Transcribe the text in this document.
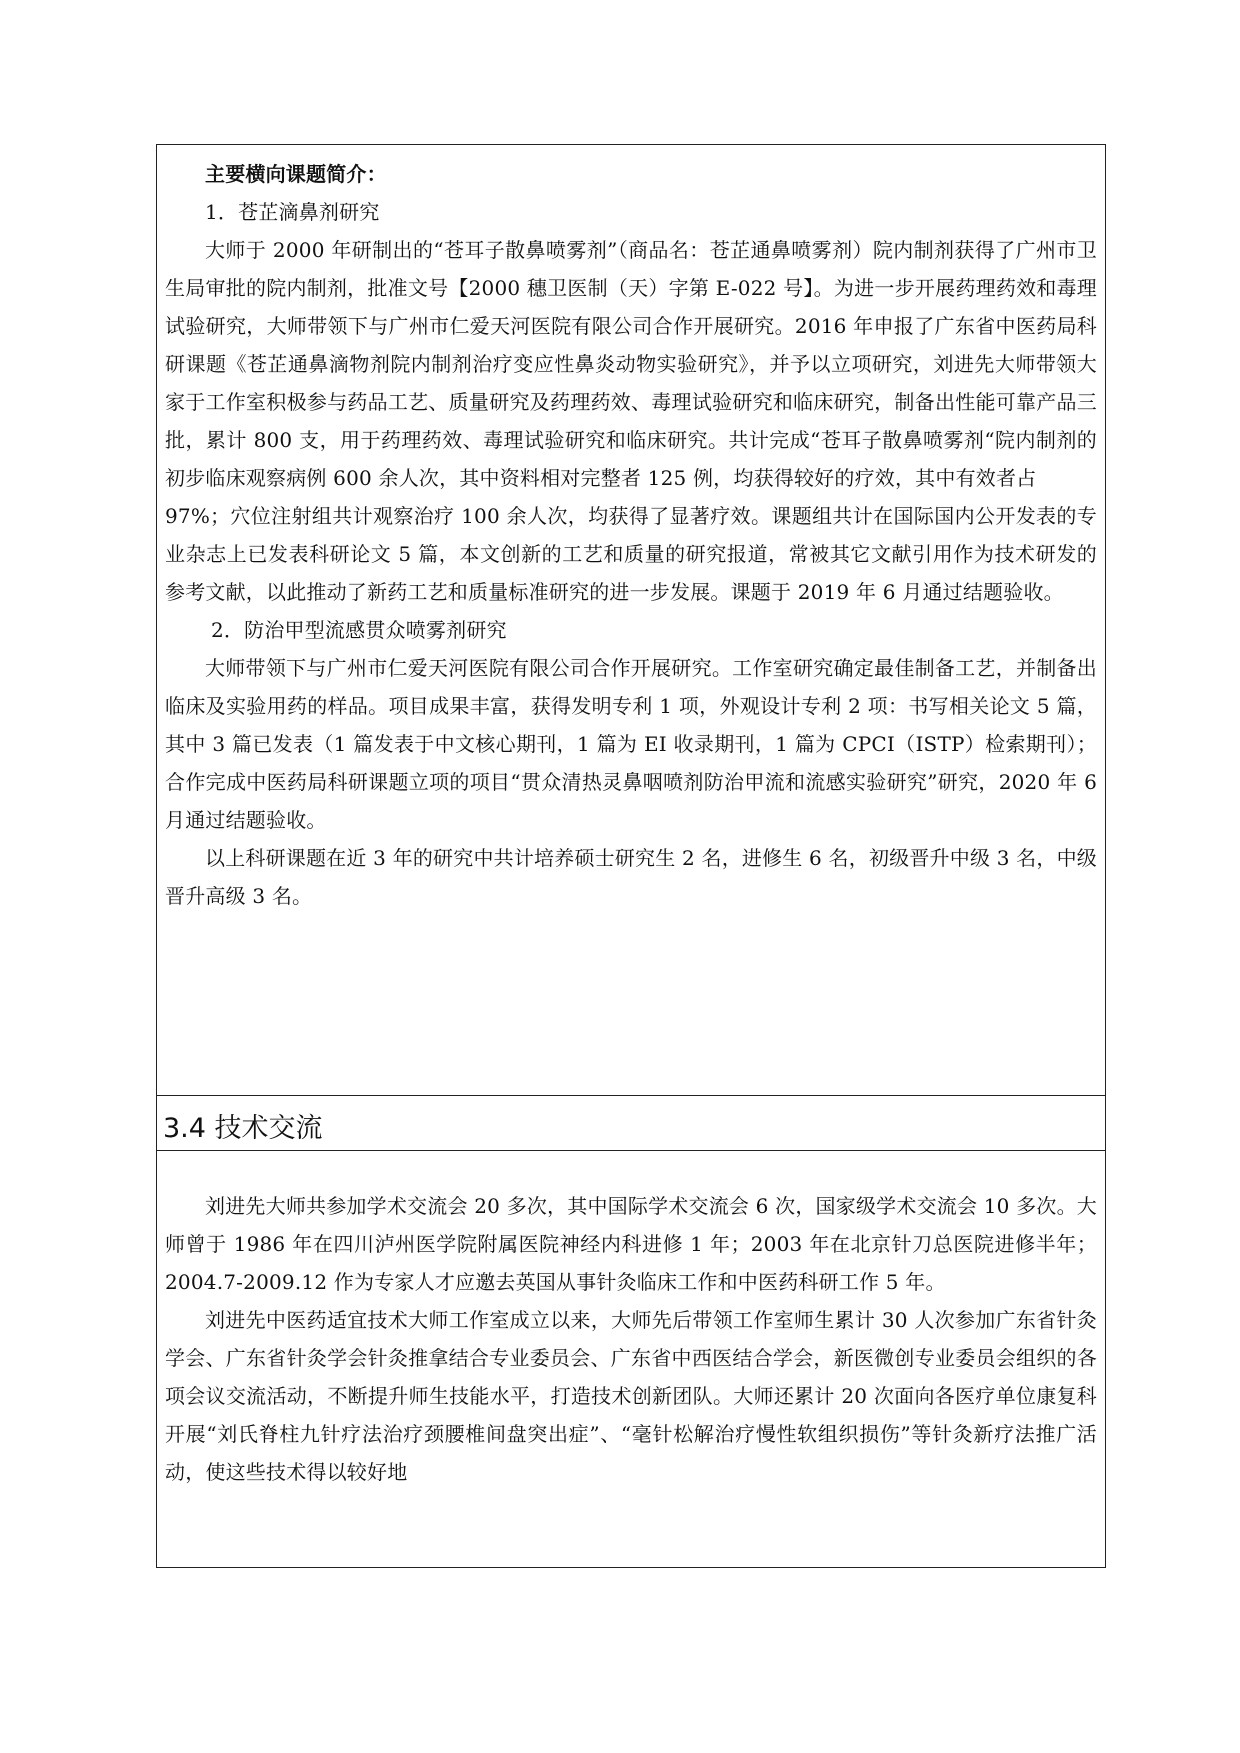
主要横向课题简介：

1．苍芷滴鼻剂研究

大师于 2000 年研制出的“苍耳子散鼻喷雾剂”（商品名：苍芷通鼻喷雾剂）院内制剂获得了广州市卫生局审批的院内制剂，批准文号【2000 穗卫医制（天）字第 E-022 号】。为进一步开展药理药效和毒理试验研究，大师带领下与广州市仁爱天河医院有限公司合作开展研究。2016 年申报了广东省中医药局科研课题《苍芷通鼻滴物剂院内制剂治疗变应性鼻炎动物实验研究》，并予以立项研究，刘进先大师带领大家于工作室积极参与药品工艺、质量研究及药理药效、毒理试验研究和临床研究，制备出性能可靠产品三批，累计 800 支，用于药理药效、毒理试验研究和临床研究。共计完成“苍耳子散鼻喷雾剂“院内制剂的初步临床观察病例 600 余人次，其中资料相对完整者 125 例，均获得较好的疗效，其中有效者占

97%；穴位注射组共计观察治疗 100 余人次，均获得了显著疗效。课题组共计在国际国内公开发表的专业杂志上已发表科研论文 5 篇，本文创新的工艺和质量的研究报道，常被其它文献引用作为技术研发的参考文献，以此推动了新药工艺和质量标准研究的进一步发展。课题于 2019 年 6 月通过结题验收。

2．防治甲型流感贯众喷雾剂研究

大师带领下与广州市仁爱天河医院有限公司合作开展研究。工作室研究确定最佳制备工艺，并制备出临床及实验用药的样品。项目成果丰富，获得发明专利 1 项，外观设计专利 2 项：书写相关论文 5 篇，其中 3 篇已发表（1 篇发表于中文核心期刊，1 篇为 EI 收录期刊，1 篇为 CPCI（ISTP）检索期刊）；合作完成中医药局科研课题立项的项目“贯众清热灵鼻咽喷剂防治甲流和流感实验研究”研究，2020 年 6 月通过结题验收。

以上科研课题在近 3 年的研究中共计培养硕士研究生 2 名，进修生 6 名，初级晋升中级 3 名，中级晋升高级 3 名。

3.4 技术交流

刘进先大师共参加学术交流会 20 多次，其中国际学术交流会 6 次，国家级学术交流会 10 多次。大师曾于 1986 年在四川泸州医学院附属医院神经内科进修 1 年；2003 年在北京针刀总医院进修半年；2004.7-2009.12 作为专家人才应邀去英国从事针灸临床工作和中医药科研工作 5 年。

刘进先中医药适宜技术大师工作室成立以来，大师先后带领工作室师生累计 30 人次参加广东省针灸学会、广东省针灸学会针灸推拿结合专业委员会、广东省中西医结合学会，新医微创专业委员会组织的各项会议交流活动，不断提升师生技能水平，打造技术创新团队。大师还累计 20 次面向各医疗单位康复科开展“刘氏脊柱九针疗法治疗颈腰椎间盘突出症”、“毫针松解治疗慢性软组织损伤”等针灸新疗法推广活动，使这些技术得以较好地
